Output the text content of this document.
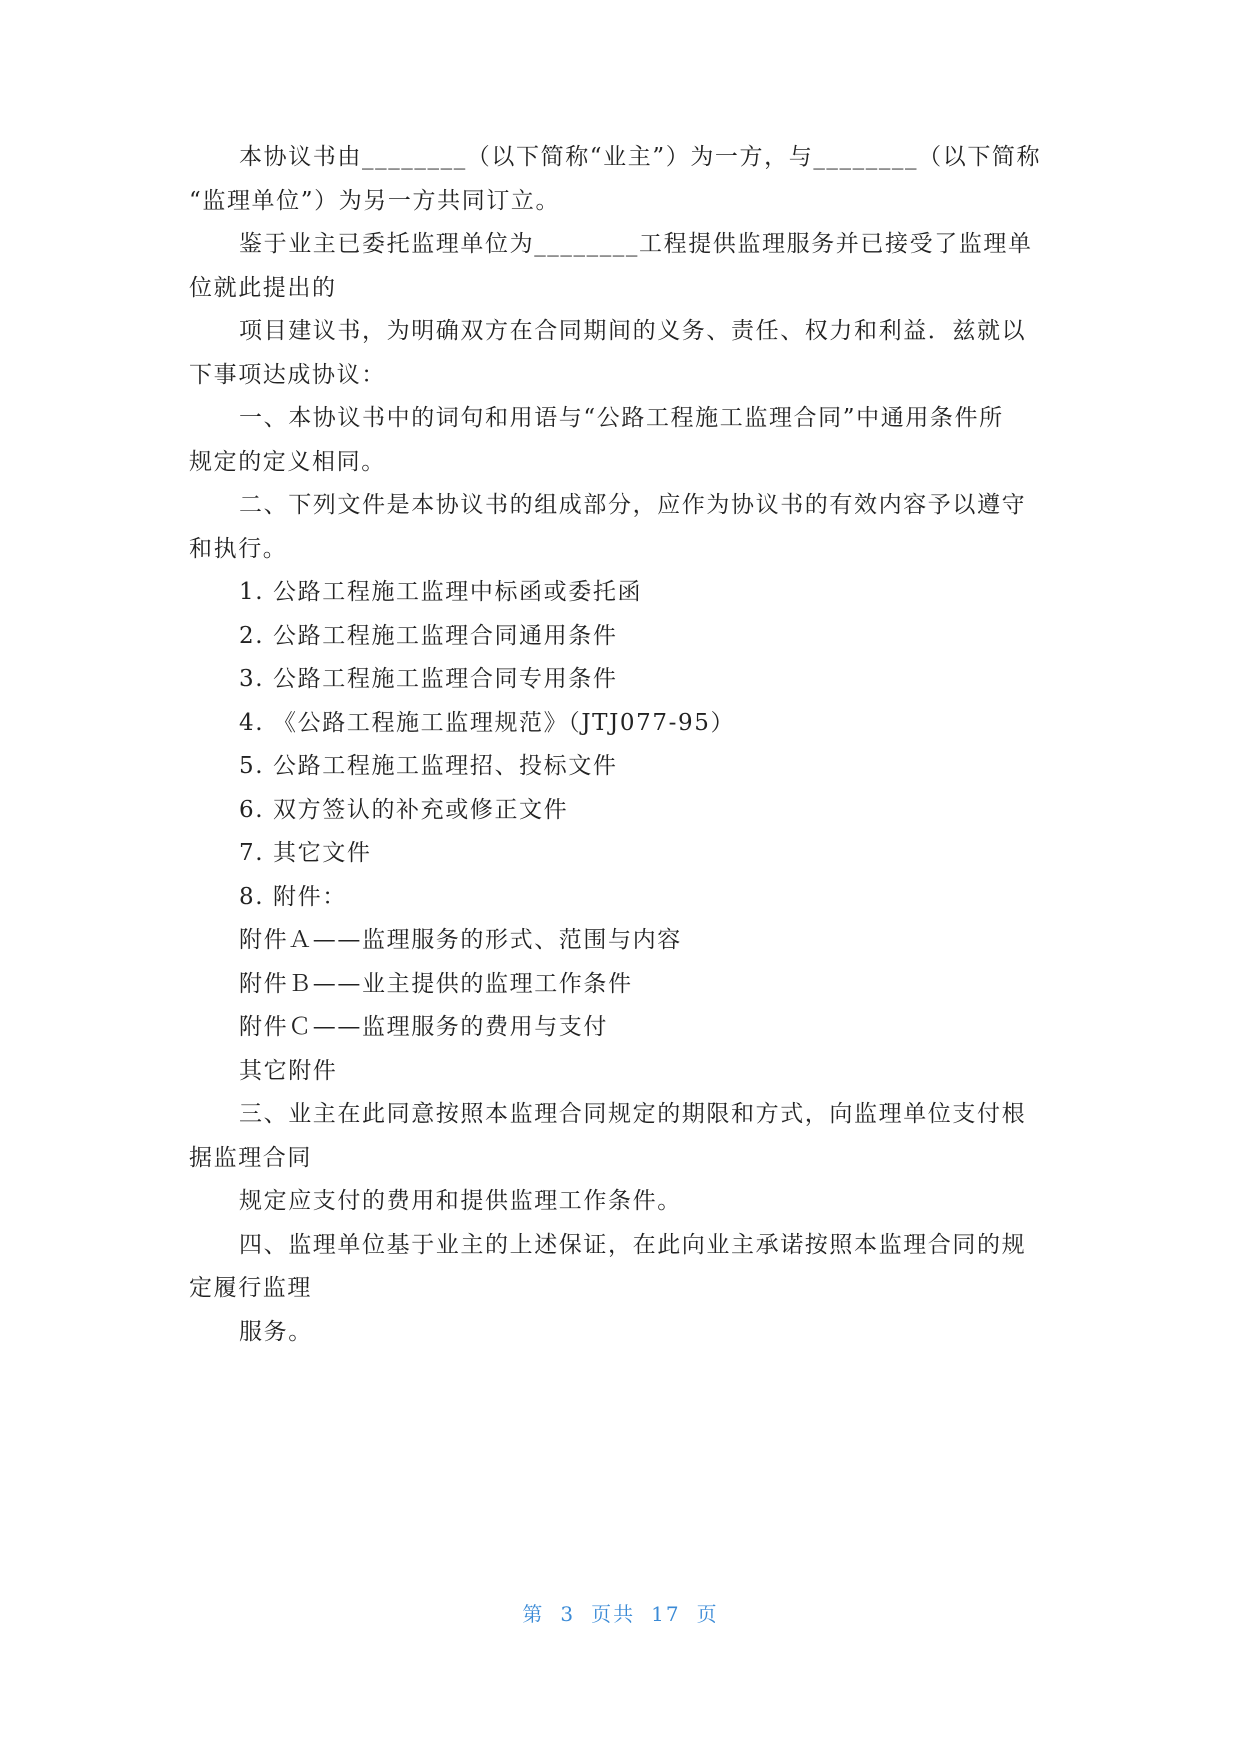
本协议书由________（以下简称“业主”）为一方，与________（以下简称
“监理单位”）为另一方共同订立。
鉴于业主已委托监理单位为________工程提供监理服务并已接受了监理单
位就此提出的
项目建议书，为明确双方在合同期间的义务、责任、权力和利益．兹就以
下事项达成协议：
一、本协议书中的词句和用语与“公路工程施工监理合同”中通用条件所
规定的定义相同。
二、下列文件是本协议书的组成部分，应作为协议书的有效内容予以遵守
和执行。
1. 公路工程施工监理中标函或委托函
2. 公路工程施工监理合同通用条件
3. 公路工程施工监理合同专用条件
4. 《公路工程施工监理规范》（JTJ077-95）
5. 公路工程施工监理招、投标文件
6. 双方签认的补充或修正文件
7. 其它文件
8. 附件：
附件Ａ——监理服务的形式、范围与内容
附件Ｂ——业主提供的监理工作条件
附件Ｃ——监理服务的费用与支付
其它附件
三、业主在此同意按照本监理合同规定的期限和方式，向监理单位支付根
据监理合同
规定应支付的费用和提供监理工作条件。
四、监理单位基于业主的上述保证，在此向业主承诺按照本监理合同的规
定履行监理
服务。
第 3 页共 17 页
